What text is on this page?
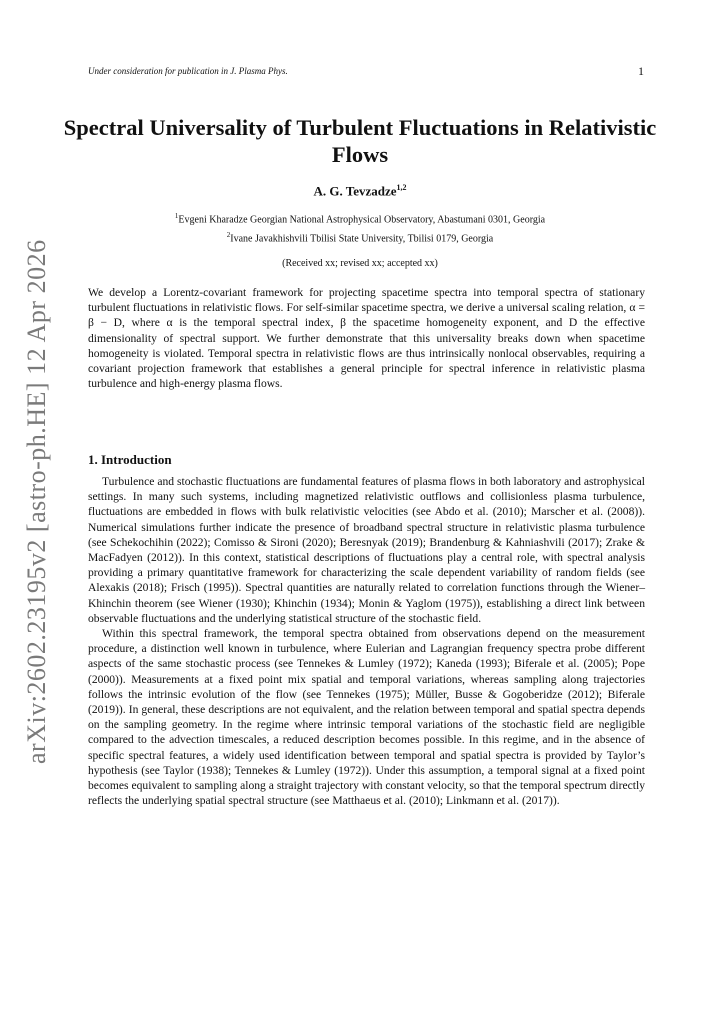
Under consideration for publication in J. Plasma Phys.	1
arXiv:2602.23195v2 [astro-ph.HE] 12 Apr 2026
Spectral Universality of Turbulent Fluctuations in Relativistic Flows
A. G. Tevzadze$^{1,2}$
$^1$Evgeni Kharadze Georgian National Astrophysical Observatory, Abastumani 0301, Georgia
$^2$Ivane Javakhishvili Tbilisi State University, Tbilisi 0179, Georgia
(Received xx; revised xx; accepted xx)
We develop a Lorentz-covariant framework for projecting spacetime spectra into temporal spectra of stationary turbulent fluctuations in relativistic flows. For self-similar spacetime spectra, we derive a universal scaling relation, α = β − D, where α is the temporal spectral index, β the spacetime homogeneity exponent, and D the effective dimensionality of spectral support. We further demonstrate that this universality breaks down when spacetime homogeneity is violated. Temporal spectra in relativistic flows are thus intrinsically nonlocal observables, requiring a covariant projection framework that establishes a general principle for spectral inference in relativistic plasma turbulence and high-energy plasma flows.
1. Introduction

Turbulence and stochastic fluctuations are fundamental features of plasma flows in both laboratory and astrophysical settings. In many such systems, including magnetized relativistic outflows and collisionless plasma turbulence, fluctuations are embedded in flows with bulk relativistic velocities (see Abdo et al. (2010); Marscher et al. (2008)). Numerical simulations further indicate the presence of broadband spectral structure in relativistic plasma turbulence (see Schekochihin (2022); Comisso & Sironi (2020); Beresnyak (2019); Brandenburg & Kahniashvili (2017); Zrake & MacFadyen (2012)). In this context, statistical descriptions of fluctuations play a central role, with spectral analysis providing a primary quantitative framework for characterizing the scale dependent variability of random fields (see Alexakis (2018); Frisch (1995)). Spectral quantities are naturally related to correlation functions through the Wiener–Khinchin theorem (see Wiener (1930); Khinchin (1934); Monin & Yaglom (1975)), establishing a direct link between observable fluctuations and the underlying statistical structure of the stochastic field.

Within this spectral framework, the temporal spectra obtained from observations depend on the measurement procedure, a distinction well known in turbulence, where Eulerian and Lagrangian frequency spectra probe different aspects of the same stochastic process (see Tennekes & Lumley (1972); Kaneda (1993); Biferale et al. (2005); Pope (2000)). Measurements at a fixed point mix spatial and temporal variations, whereas sampling along trajectories follows the intrinsic evolution of the flow (see Tennekes (1975); Müller, Busse & Gogoberidze (2012); Biferale (2019)). In general, these descriptions are not equivalent, and the relation between temporal and spatial spectra depends on the sampling geometry. In the regime where intrinsic temporal variations of the stochastic field are negligible compared to the advection timescales, a reduced description becomes possible. In this regime, and in the absence of specific spectral features, a widely used identification between temporal and spatial spectra is provided by Taylor’s hypothesis (see Taylor (1938); Tennekes & Lumley (1972)). Under this assumption, a temporal signal at a fixed point becomes equivalent to sampling along a straight trajectory with constant velocity, so that the temporal spectrum directly reflects the underlying spatial spectral structure (see Matthaeus et al. (2010); Linkmann et al. (2017)).
